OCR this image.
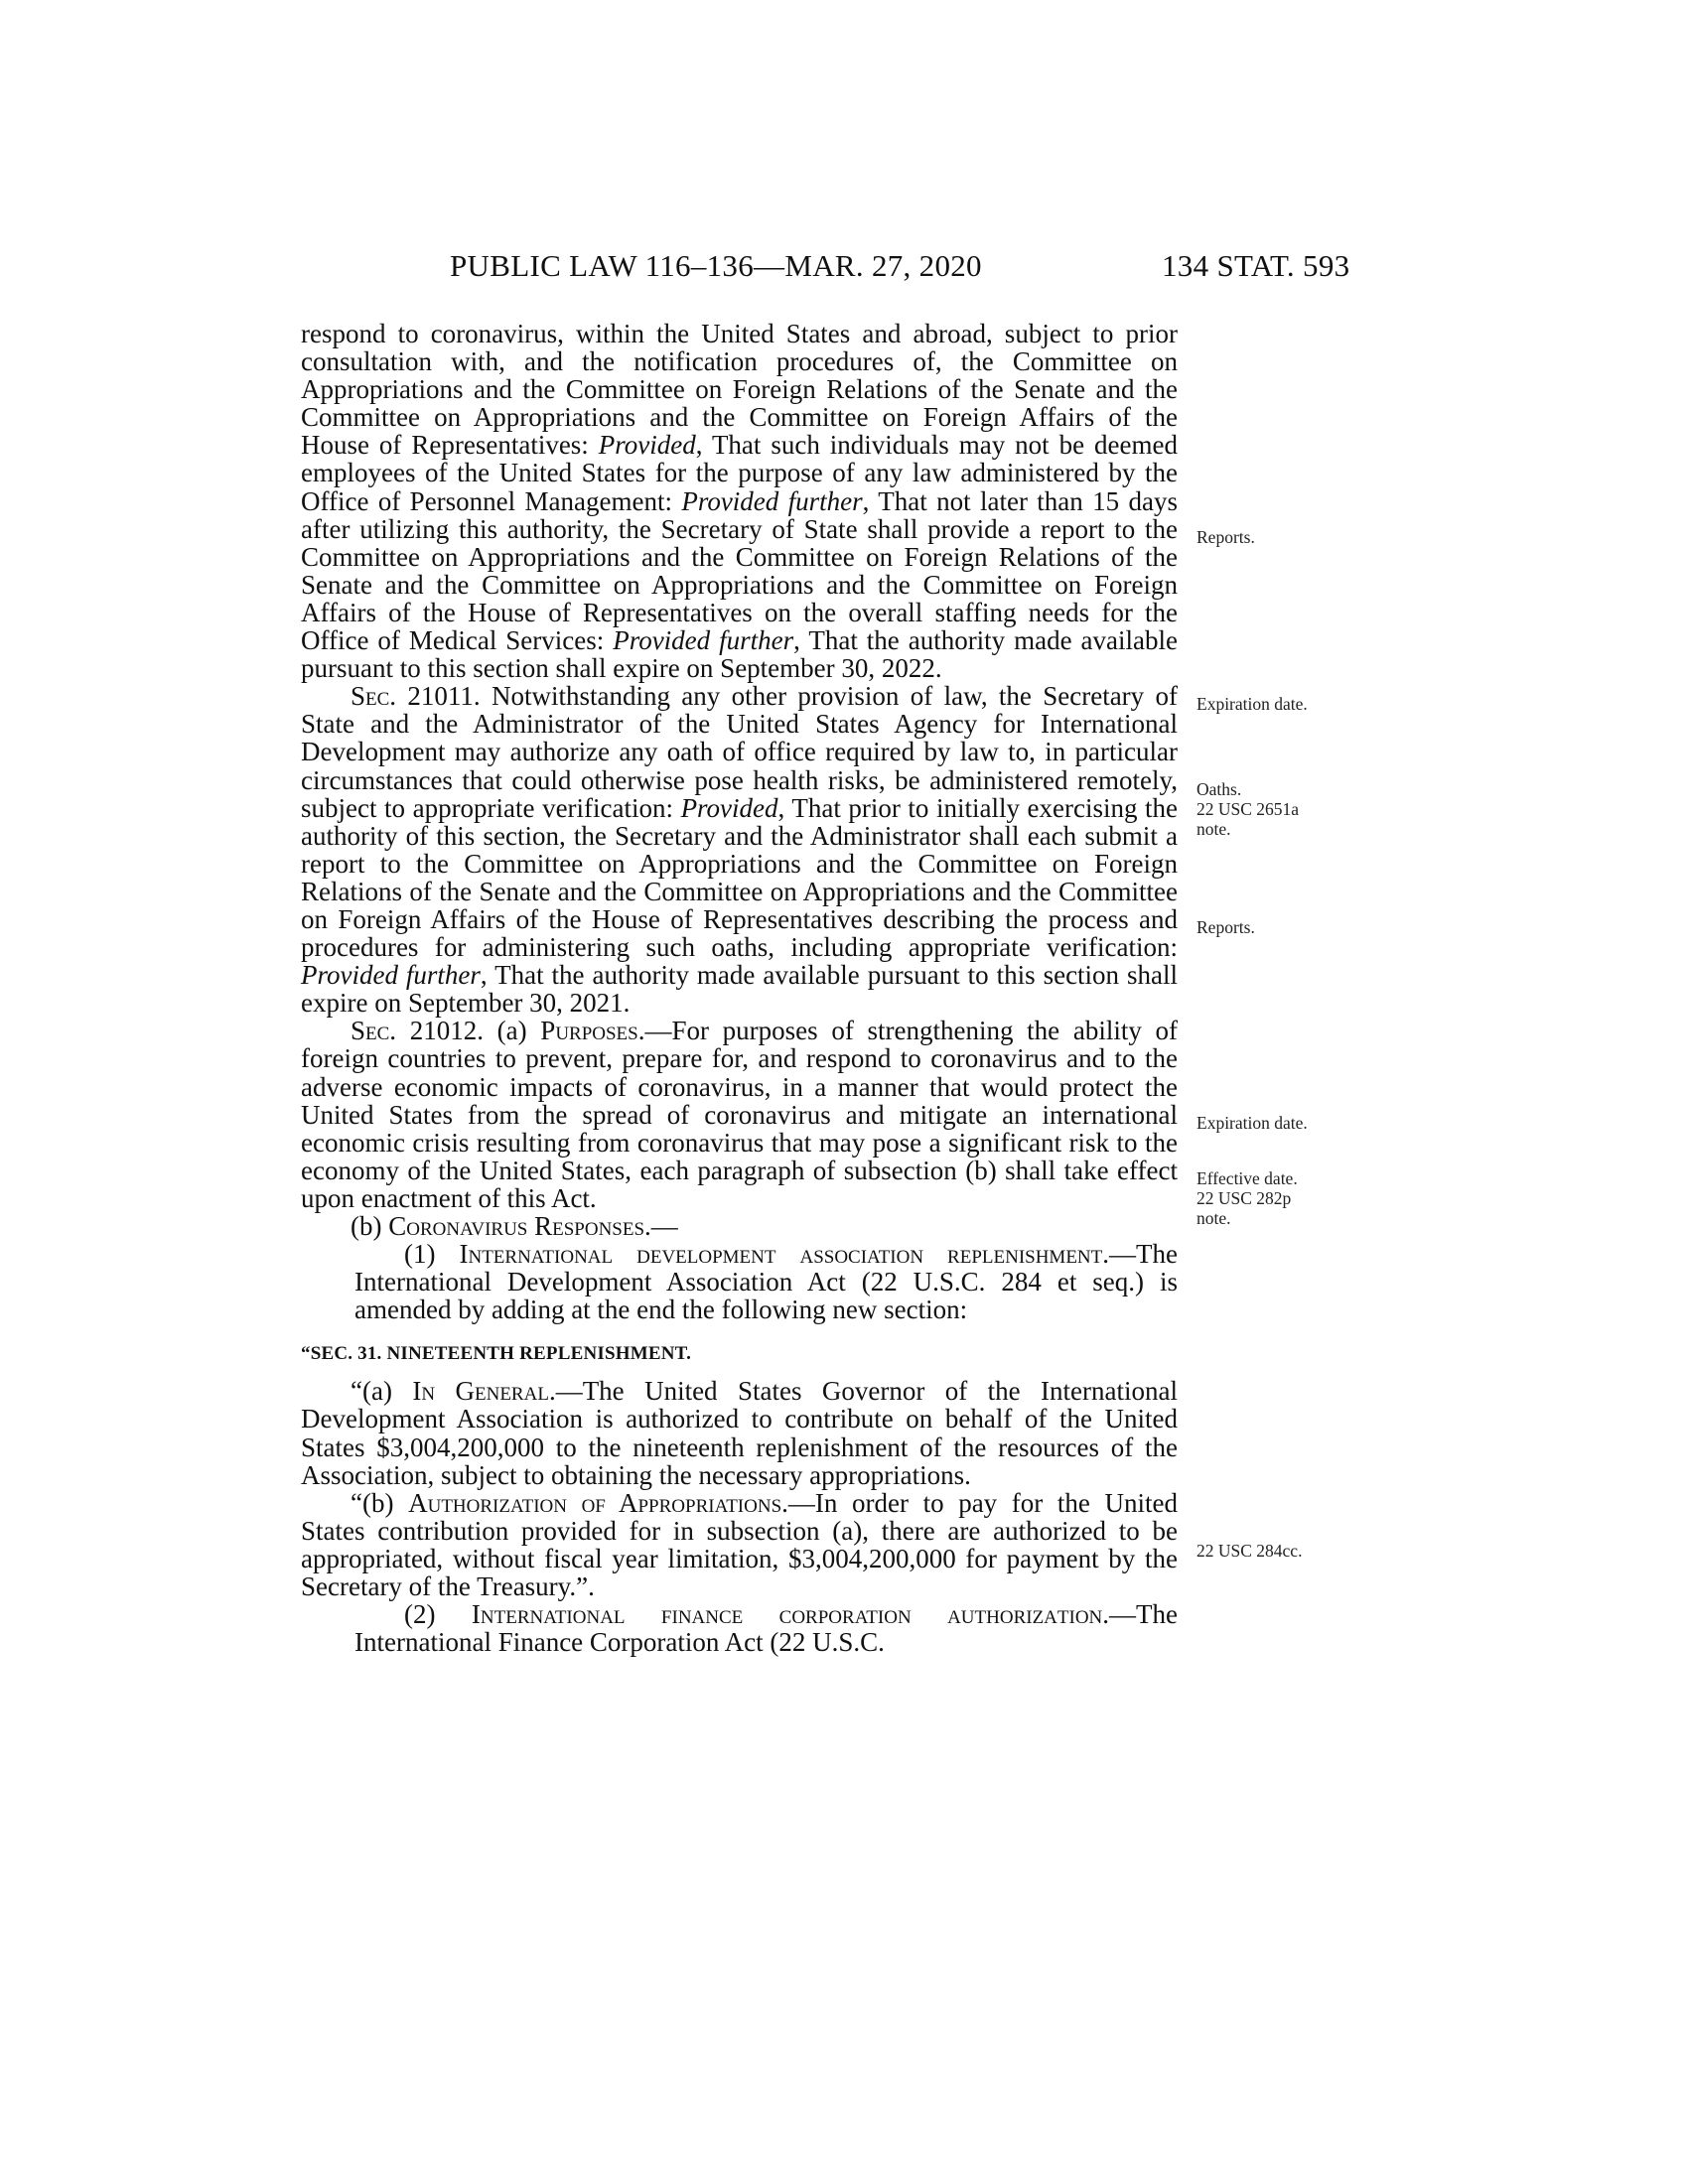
PUBLIC LAW 116–136—MAR. 27, 2020	134 STAT. 593

respond to coronavirus, within the United States and abroad, subject to prior consultation with, and the notification procedures of, the Committee on Appropriations and the Committee on Foreign Relations of the Senate and the Committee on Appropriations and the Committee on Foreign Affairs of the House of Representatives: Provided, That such individuals may not be deemed employees of the United States for the purpose of any law administered by the Office of Personnel Management: Provided further, That not later than 15 days after utilizing this authority, the Secretary of State shall provide a report to the Committee on Appropriations and the Committee on Foreign Relations of the Senate and the Committee on Appropriations and the Committee on Foreign Affairs of the House of Representatives on the overall staffing needs for the Office of Medical Services: Provided further, That the authority made available pursuant to this section shall expire on September 30, 2022.

Sec. 21011. Notwithstanding any other provision of law, the Secretary of State and the Administrator of the United States Agency for International Development may authorize any oath of office required by law to, in particular circumstances that could otherwise pose health risks, be administered remotely, subject to appropriate verification: Provided, That prior to initially exercising the authority of this section, the Secretary and the Administrator shall each submit a report to the Committee on Appropriations and the Committee on Foreign Relations of the Senate and the Committee on Appropriations and the Committee on Foreign Affairs of the House of Representatives describing the process and procedures for administering such oaths, including appropriate verification: Provided further, That the authority made available pursuant to this section shall expire on September 30, 2021.

Sec. 21012. (a) Purposes.—For purposes of strengthening the ability of foreign countries to prevent, prepare for, and respond to coronavirus and to the adverse economic impacts of coronavirus, in a manner that would protect the United States from the spread of coronavirus and mitigate an international economic crisis resulting from coronavirus that may pose a significant risk to the economy of the United States, each paragraph of subsection (b) shall take effect upon enactment of this Act.

(b) Coronavirus Responses.—

(1) International development association replenishment.—The International Development Association Act (22 U.S.C. 284 et seq.) is amended by adding at the end the following new section:

“SEC. 31. NINETEENTH REPLENISHMENT.

“(a) In General.—The United States Governor of the International Development Association is authorized to contribute on behalf of the United States $3,004,200,000 to the nineteenth replenishment of the resources of the Association, subject to obtaining the necessary appropriations.

“(b) Authorization of Appropriations.—In order to pay for the United States contribution provided for in subsection (a), there are authorized to be appropriated, without fiscal year limitation, $3,004,200,000 for payment by the Secretary of the Treasury.”.

(2) International finance corporation authorization.—The International Finance Corporation Act (22 U.S.C.

Reports.
Expiration date.
Oaths.
22 USC 2651a
note.
Reports.
Expiration date.
Effective date.
22 USC 282p
note.
22 USC 284cc.
